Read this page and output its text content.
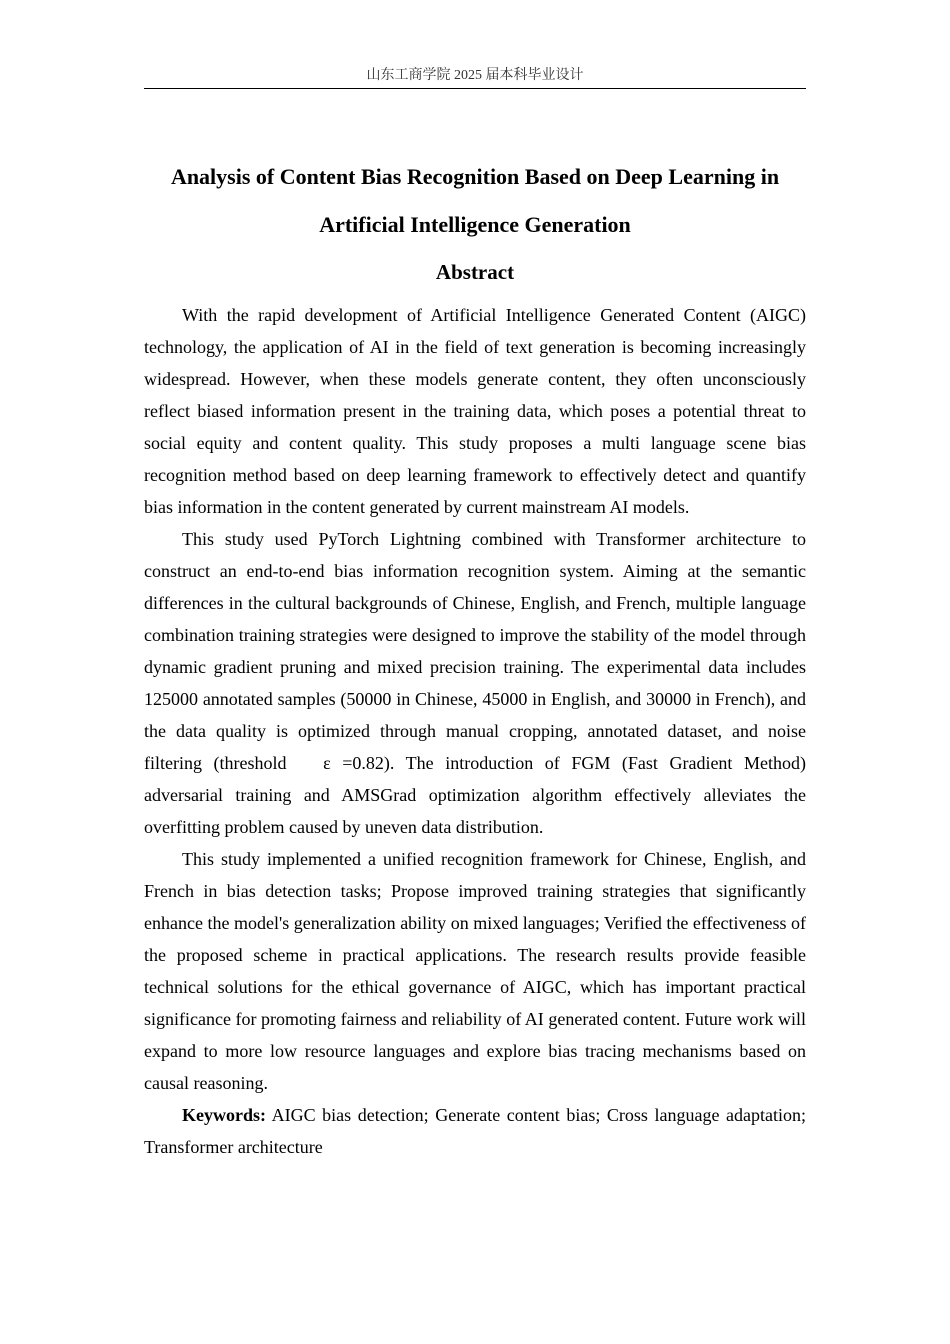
山东工商学院 2025 届本科毕业设计
Analysis of Content Bias Recognition Based on Deep Learning in
Artificial Intelligence Generation
Abstract

With the rapid development of Artificial Intelligence Generated Content (AIGC) technology, the application of AI in the field of text generation is becoming increasingly widespread. However, when these models generate content, they often unconsciously reflect biased information present in the training data, which poses a potential threat to social equity and content quality. This study proposes a multi language scene bias recognition method based on deep learning framework to effectively detect and quantify bias information in the content generated by current mainstream AI models.

This study used PyTorch Lightning combined with Transformer architecture to construct an end-to-end bias information recognition system. Aiming at the semantic differences in the cultural backgrounds of Chinese, English, and French, multiple language combination training strategies were designed to improve the stability of the model through dynamic gradient pruning and mixed precision training. The experimental data includes 125000 annotated samples (50000 in Chinese, 45000 in English, and 30000 in French), and the data quality is optimized through manual cropping, annotated dataset, and noise filtering (threshold 　ε =0.82). The introduction of FGM (Fast Gradient Method) adversarial training and AMSGrad optimization algorithm effectively alleviates the overfitting problem caused by uneven data distribution.

This study implemented a unified recognition framework for Chinese, English, and French in bias detection tasks; Propose improved training strategies that significantly enhance the model's generalization ability on mixed languages; Verified the effectiveness of the proposed scheme in practical applications. The research results provide feasible technical solutions for the ethical governance of AIGC, which has important practical significance for promoting fairness and reliability of AI generated content. Future work will expand to more low resource languages and explore bias tracing mechanisms based on causal reasoning.

Keywords: AIGC bias detection; Generate content bias; Cross language adaptation; Transformer architecture
